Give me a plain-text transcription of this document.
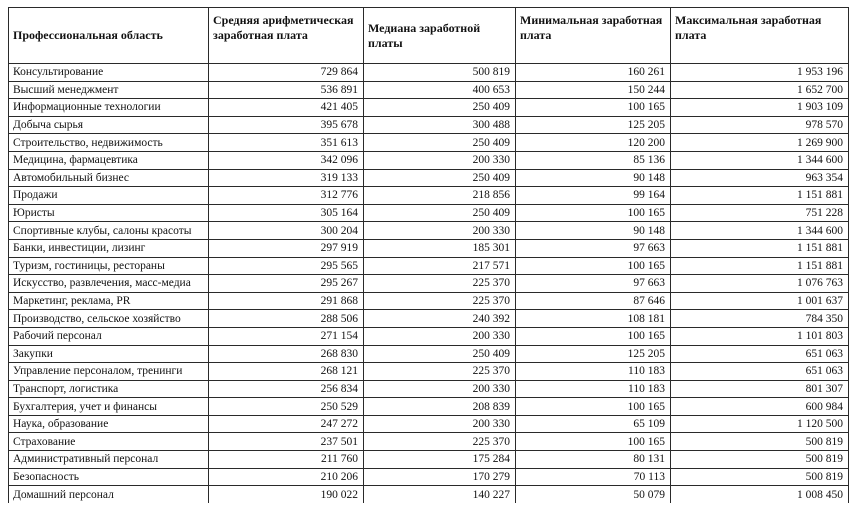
Профессиональная область	Средняя арифметическая заработная плата	Медиана заработной платы	Минимальная заработная плата	Максимальная заработная плата
Консультирование	729 864	500 819	160 261	1 953 196
Высший менеджмент	536 891	400 653	150 244	1 652 700
Информационные технологии	421 405	250 409	100 165	1 903 109
Добыча сырья	395 678	300 488	125 205	978 570
Строительство, недвижимость	351 613	250 409	120 200	1 269 900
Медицина, фармацевтика	342 096	200 330	85 136	1 344 600
Автомобильный бизнес	319 133	250 409	90 148	963 354
Продажи	312 776	218 856	99 164	1 151 881
Юристы	305 164	250 409	100 165	751 228
Спортивные клубы, салоны красоты	300 204	200 330	90 148	1 344 600
Банки, инвестиции, лизинг	297 919	185 301	97 663	1 151 881
Туризм, гостиницы, рестораны	295 565	217 571	100 165	1 151 881
Искусство, развлечения, масс-медиа	295 267	225 370	97 663	1 076 763
Маркетинг, реклама, PR	291 868	225 370	87 646	1 001 637
Производство, сельское хозяйство	288 506	240 392	108 181	784 350
Рабочий персонал	271 154	200 330	100 165	1 101 803
Закупки	268 830	250 409	125 205	651 063
Управление персоналом, тренинги	268 121	225 370	110 183	651 063
Транспорт, логистика	256 834	200 330	110 183	801 307
Бухгалтерия, учет и финансы	250 529	208 839	100 165	600 984
Наука, образование	247 272	200 330	65 109	1 120 500
Страхование	237 501	225 370	100 165	500 819
Административный персонал	211 760	175 284	80 131	500 819
Безопасность	210 206	170 279	70 113	500 819
Домашний персонал	190 022	140 227	50 079	1 008 450
